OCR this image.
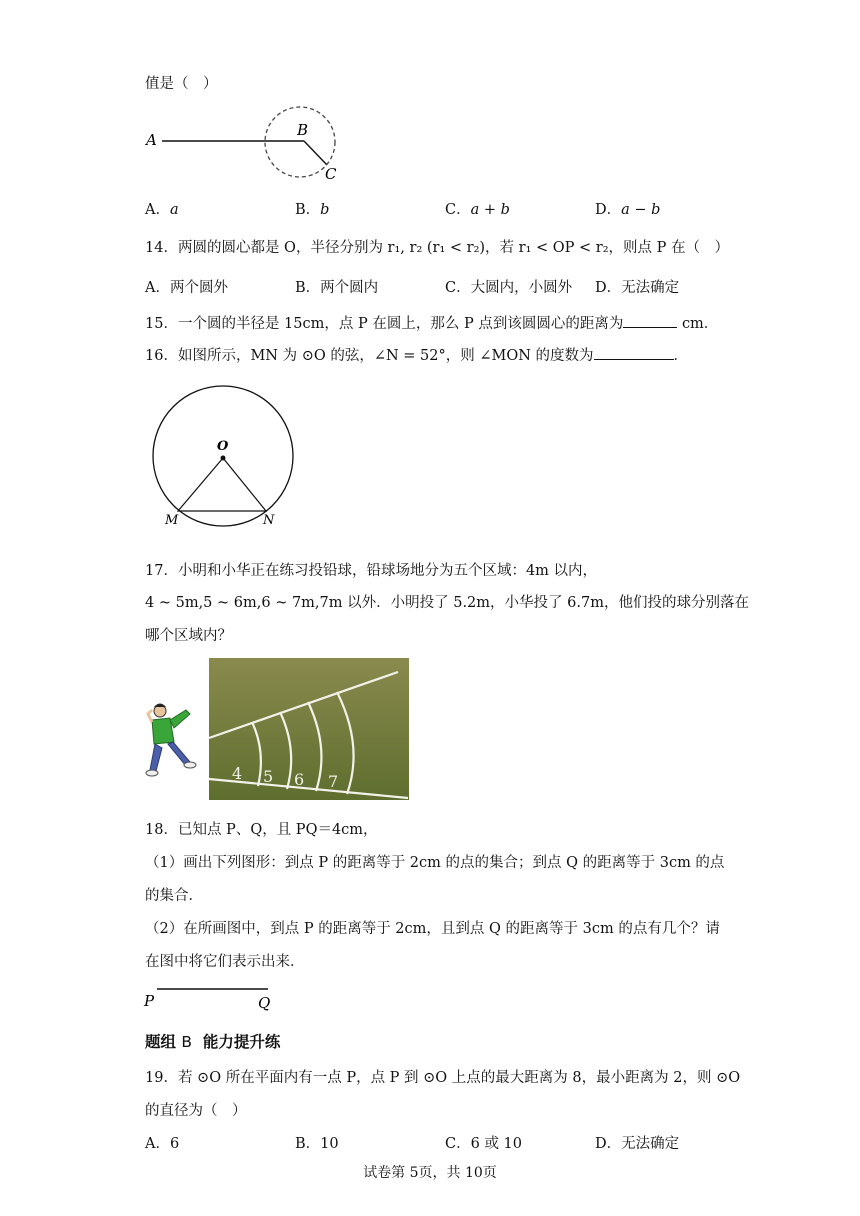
值是（　）
A
B
C
A．a	B．b	C．a + b	D．a − b
14．两圆的圆心都是 O，半径分别为 r₁, r₂ (r₁ < r₂)，若 r₁ < OP < r₂，则点 P 在（　）
A．两个圆外	B．两个圆内	C．大圆内，小圆外 D．无法确定
15．一个圆的半径是 15cm，点 P 在圆上，那么 P 点到该圆圆心的距离为	cm．
16．如图所示，MN 为 ⊙O 的弦，∠N = 52°，则 ∠MON 的度数为	．
O
M	N
17．小明和小华正在练习投铅球，铅球场地分为五个区域：4m 以内，
4 ~ 5m,5 ~ 6m,6 ~ 7m,7m 以外．小明投了 5.2m，小华投了 6.7m，他们投的球分别落在
哪个区域内？
4 5 6 7
18．已知点 P、Q，且 PQ＝4cm，
（1）画出下列图形：到点 P 的距离等于 2cm 的点的集合；到点 Q 的距离等于 3cm 的点
的集合．
（2）在所画图中，到点 P 的距离等于 2cm，且到点 Q 的距离等于 3cm 的点有几个？请
在图中将它们表示出来．
P	Q
题组 B 能力提升练
19．若 ⊙O 所在平面内有一点 P，点 P 到 ⊙O 上点的最大距离为 8，最小距离为 2，则 ⊙O
的直径为（　）
A．6	B．10	C．6 或 10	D．无法确定
试卷第 5页，共 10页
